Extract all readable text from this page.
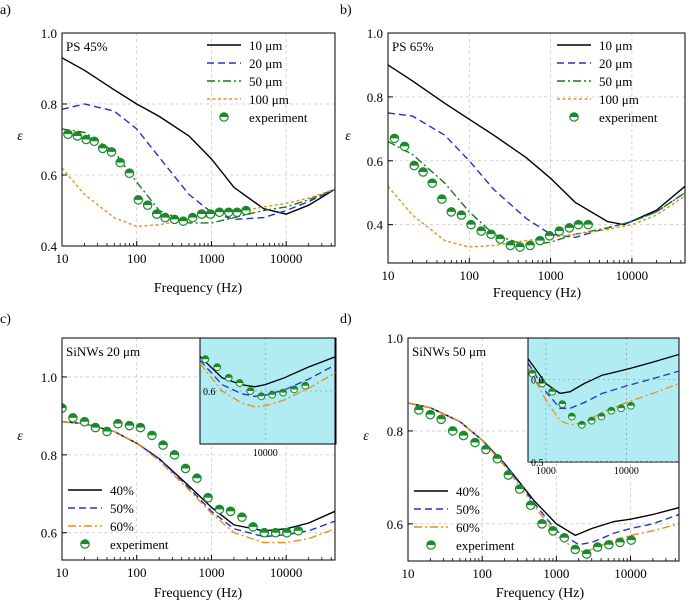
10	100	1000	10000
0.4
0.6
0.8
1.0
a)
Frequency (Hz)
ε
PS 45%	10 μm
20 μm
50 μm
100 μm
experiment
10	100	1000	10000
0.4
0.6
0.8
1.0
b)
Frequency (Hz)
ε
PS 65%	10 μm
20 μm
50 μm
100 μm
experiment
10	100	1000	10000
0.6
0.8
1.0
c)
Frequency (Hz)
ε
SiNWs 20 μm
10000
0.6
40%
50%
60%
experiment
10	100	1000	10000
0.6
0.8
1.0
d)
Frequency (Hz)
ε
SiNWs 50 μm
1000	10000
0.5
0.6
40%
50%
60%
experiment
